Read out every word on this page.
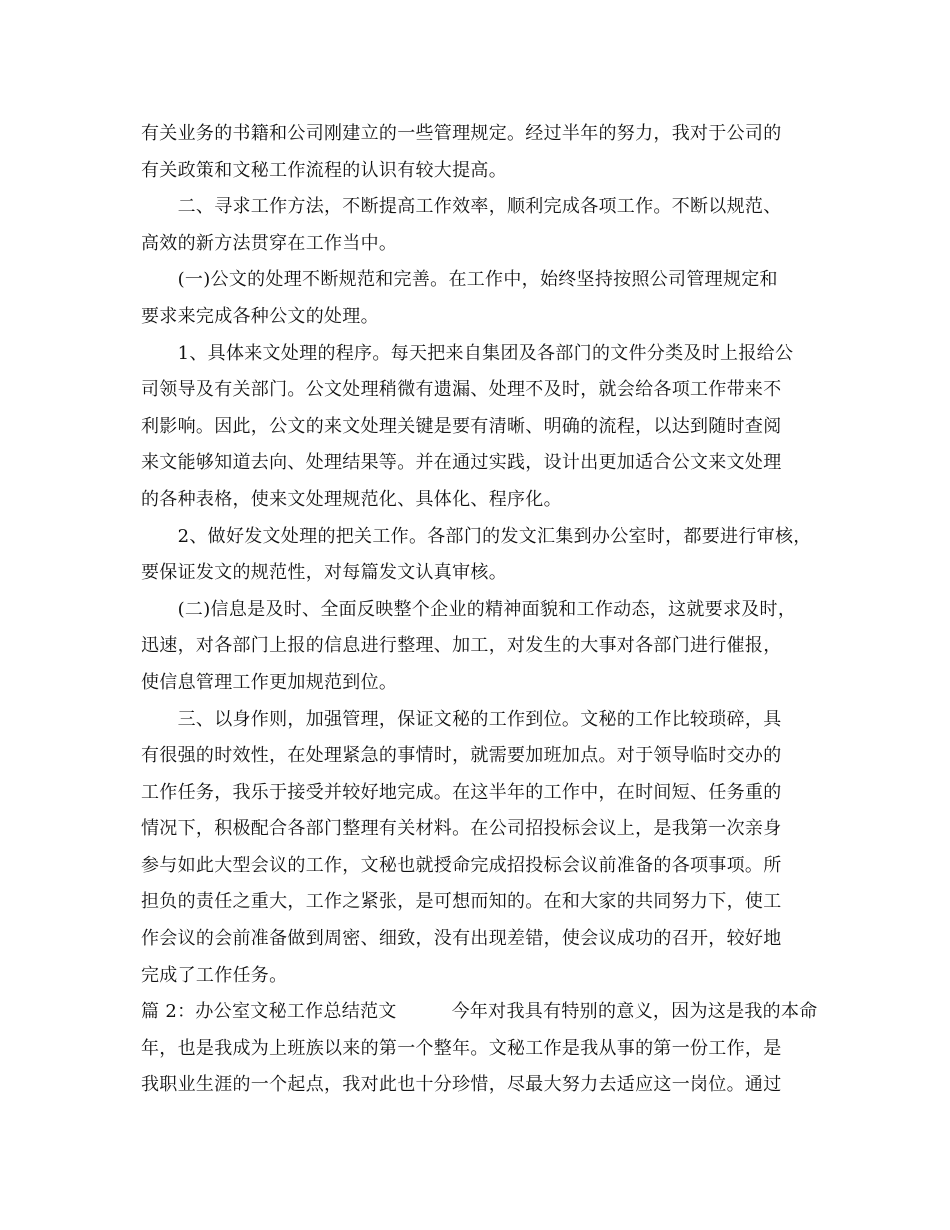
有关业务的书籍和公司刚建立的一些管理规定。经过半年的努力，我对于公司的
有关政策和文秘工作流程的认识有较大提高。
　　二、寻求工作方法，不断提高工作效率，顺利完成各项工作。不断以规范、
高效的新方法贯穿在工作当中。
　　(一)公文的处理不断规范和完善。在工作中，始终坚持按照公司管理规定和
要求来完成各种公文的处理。
　　1、具体来文处理的程序。每天把来自集团及各部门的文件分类及时上报给公
司领导及有关部门。公文处理稍微有遗漏、处理不及时，就会给各项工作带来不
利影响。因此，公文的来文处理关键是要有清晰、明确的流程，以达到随时查阅
来文能够知道去向、处理结果等。并在通过实践，设计出更加适合公文来文处理
的各种表格，使来文处理规范化、具体化、程序化。
　　2、做好发文处理的把关工作。各部门的发文汇集到办公室时，都要进行审核，
要保证发文的规范性，对每篇发文认真审核。
　　(二)信息是及时、全面反映整个企业的精神面貌和工作动态，这就要求及时，
迅速，对各部门上报的信息进行整理、加工，对发生的大事对各部门进行催报，
使信息管理工作更加规范到位。
　　三、以身作则，加强管理，保证文秘的工作到位。文秘的工作比较琐碎，具
有很强的时效性，在处理紧急的事情时，就需要加班加点。对于领导临时交办的
工作任务，我乐于接受并较好地完成。在这半年的工作中，在时间短、任务重的
情况下，积极配合各部门整理有关材料。在公司招投标会议上，是我第一次亲身
参与如此大型会议的工作，文秘也就授命完成招投标会议前准备的各项事项。所
担负的责任之重大，工作之紧张，是可想而知的。在和大家的共同努力下，使工
作会议的会前准备做到周密、细致，没有出现差错，使会议成功的召开，较好地
完成了工作任务。
篇 2：办公室文秘工作总结范文　　　今年对我具有特别的意义，因为这是我的本命
年，也是我成为上班族以来的第一个整年。文秘工作是我从事的第一份工作，是
我职业生涯的一个起点，我对此也十分珍惜，尽最大努力去适应这一岗位。通过
